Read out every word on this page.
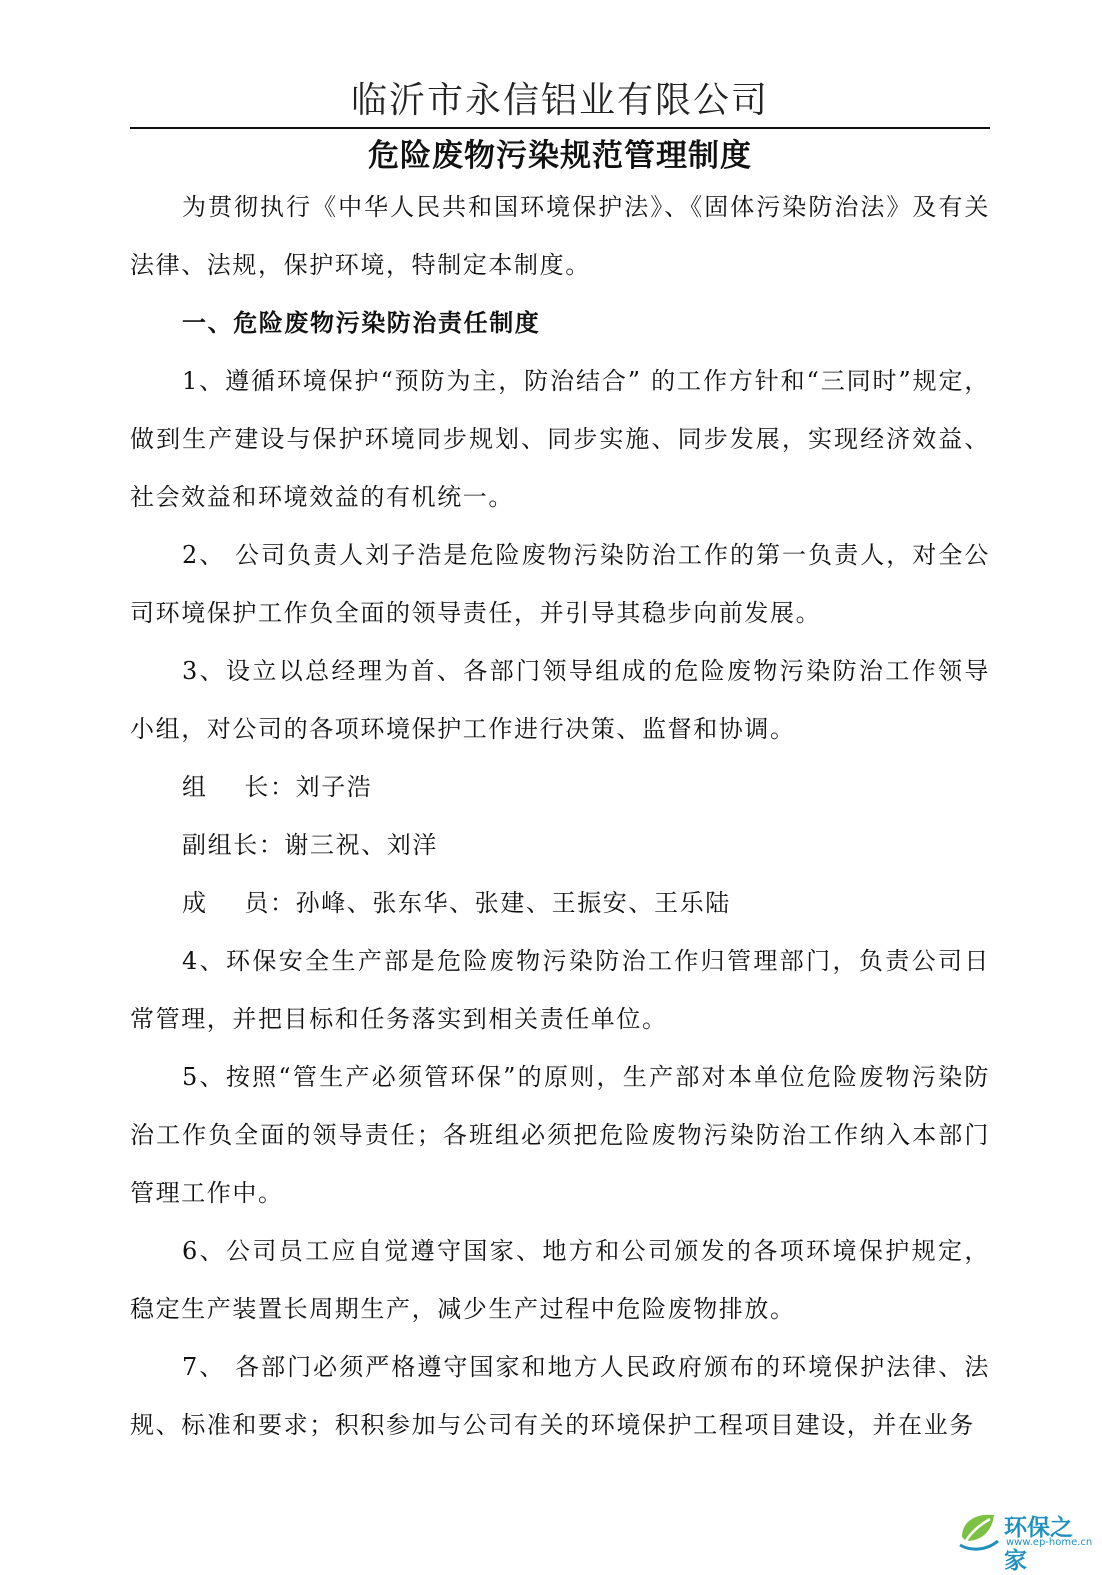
临沂市永信铝业有限公司
危险废物污染规范管理制度

为贯彻执行《中华人民共和国环境保护法》、《固体污染防治法》及有关法律、法规，保护环境，特制定本制度。

一、危险废物污染防治责任制度

1、遵循环境保护“预防为主，防治结合” 的工作方针和“三同时”规定，做到生产建设与保护环境同步规划、同步实施、同步发展，实现经济效益、社会效益和环境效益的有机统一。

2、 公司负责人刘子浩是危险废物污染防治工作的第一负责人，对全公司环境保护工作负全面的领导责任，并引导其稳步向前发展。

3、设立以总经理为首、各部门领导组成的危险废物污染防治工作领导小组，对公司的各项环境保护工作进行决策、监督和协调。

组 长 ：刘子浩

副组长：谢三祝、刘洋

成 员 ：孙峰、张东华、张建、王振安、王乐陆

4、环保安全生产部是危险废物污染防治工作归管理部门，负责公司日常管理，并把目标和任务落实到相关责任单位。

5、按照“管生产必须管环保”的原则，生产部对本单位危险废物污染防治工作负全面的领导责任；各班组必须把危险废物污染防治工作纳入本部门管理工作中。

6、公司员工应自觉遵守国家、地方和公司颁发的各项环境保护规定，稳定生产装置长周期生产，减少生产过程中危险废物排放。

7、 各部门必须严格遵守国家和地方人民政府颁布的环境保护法律、法规、标准和要求；积积参加与公司有关的环境保护工程项目建设，并在业务

环保之家
www.ep-home.cn
